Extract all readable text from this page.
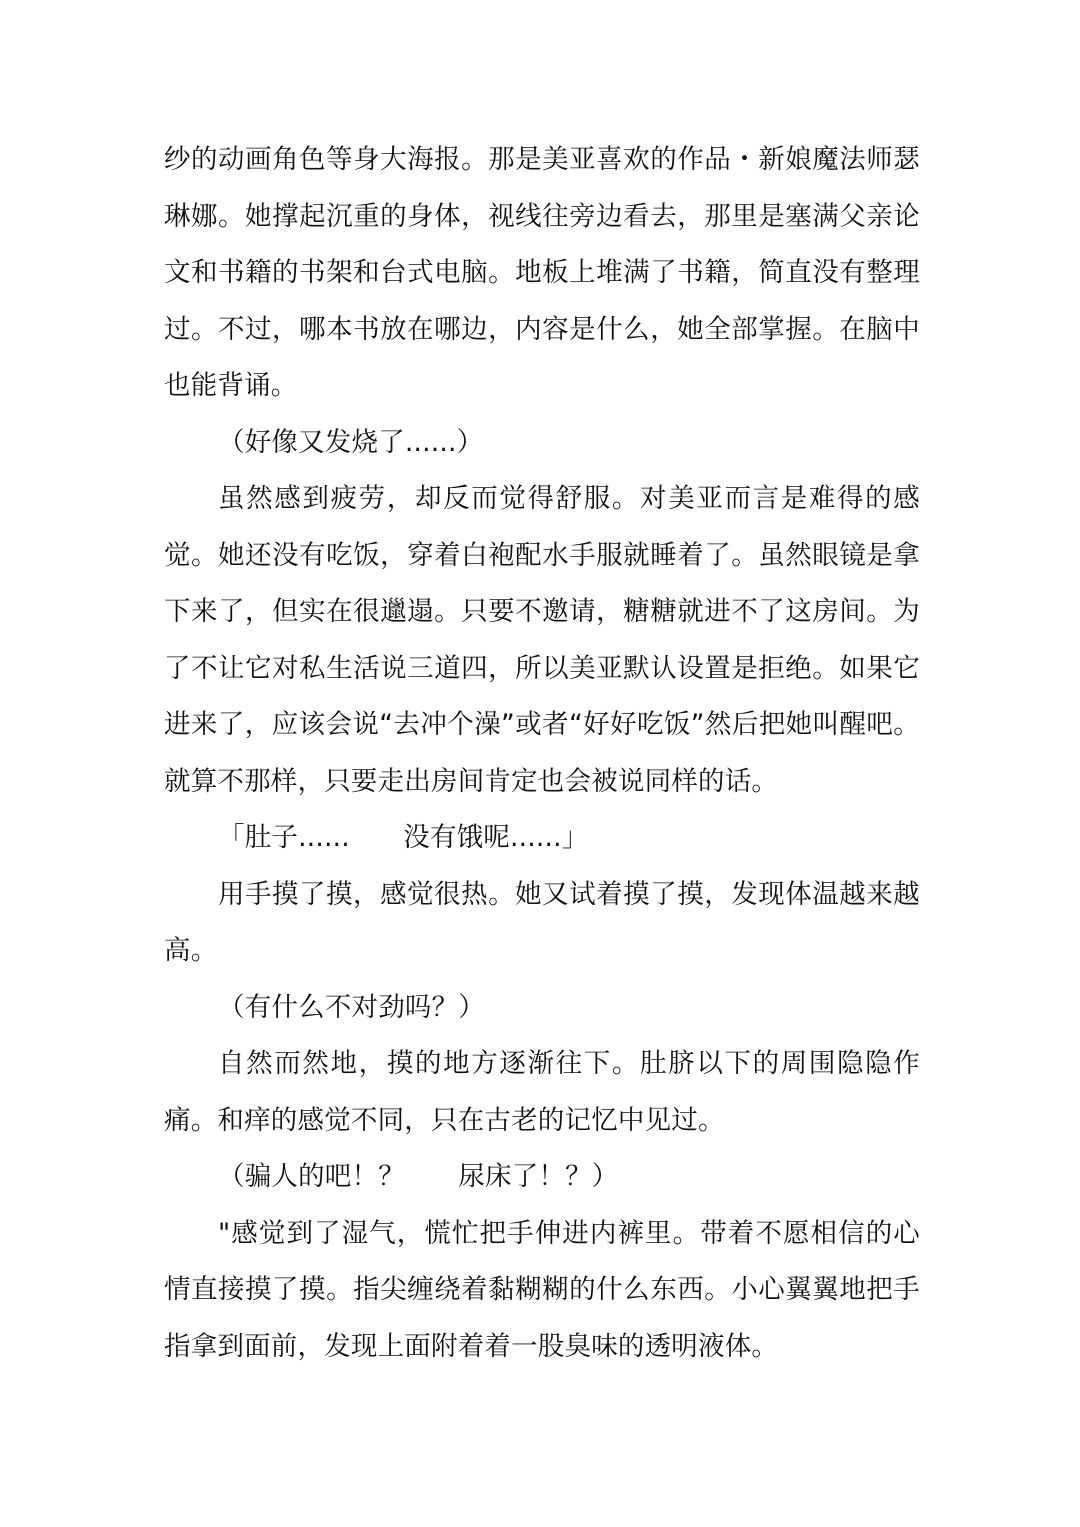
纱的动画角色等身大海报。那是美亚喜欢的作品・新娘魔法师瑟琳娜。她撑起沉重的身体，视线往旁边看去，那里是塞满父亲论文和书籍的书架和台式电脑。地板上堆满了书籍，简直没有整理过。不过，哪本书放在哪边，内容是什么，她全部掌握。在脑中也能背诵。

（好像又发烧了......）

虽然感到疲劳，却反而觉得舒服。对美亚而言是难得的感觉。她还没有吃饭，穿着白袍配水手服就睡着了。虽然眼镜是拿下来了，但实在很邋遢。只要不邀请，糖糖就进不了这房间。为了不让它对私生活说三道四，所以美亚默认设置是拒绝。如果它进来了，应该会说“去冲个澡”或者“好好吃饭”然后把她叫醒吧。就算不那样，只要走出房间肯定也会被说同样的话。

「肚子......　　没有饿呢......」

用手摸了摸，感觉很热。她又试着摸了摸，发现体温越来越高。

（有什么不对劲吗？）

自然而然地，摸的地方逐渐往下。肚脐以下的周围隐隐作痛。和痒的感觉不同，只在古老的记忆中见过。

（骗人的吧！？　　尿床了！？）

"感觉到了湿气，慌忙把手伸进内裤里。带着不愿相信的心情直接摸了摸。指尖缠绕着黏糊糊的什么东西。小心翼翼地把手指拿到面前，发现上面附着着一股臭味的透明液体。
